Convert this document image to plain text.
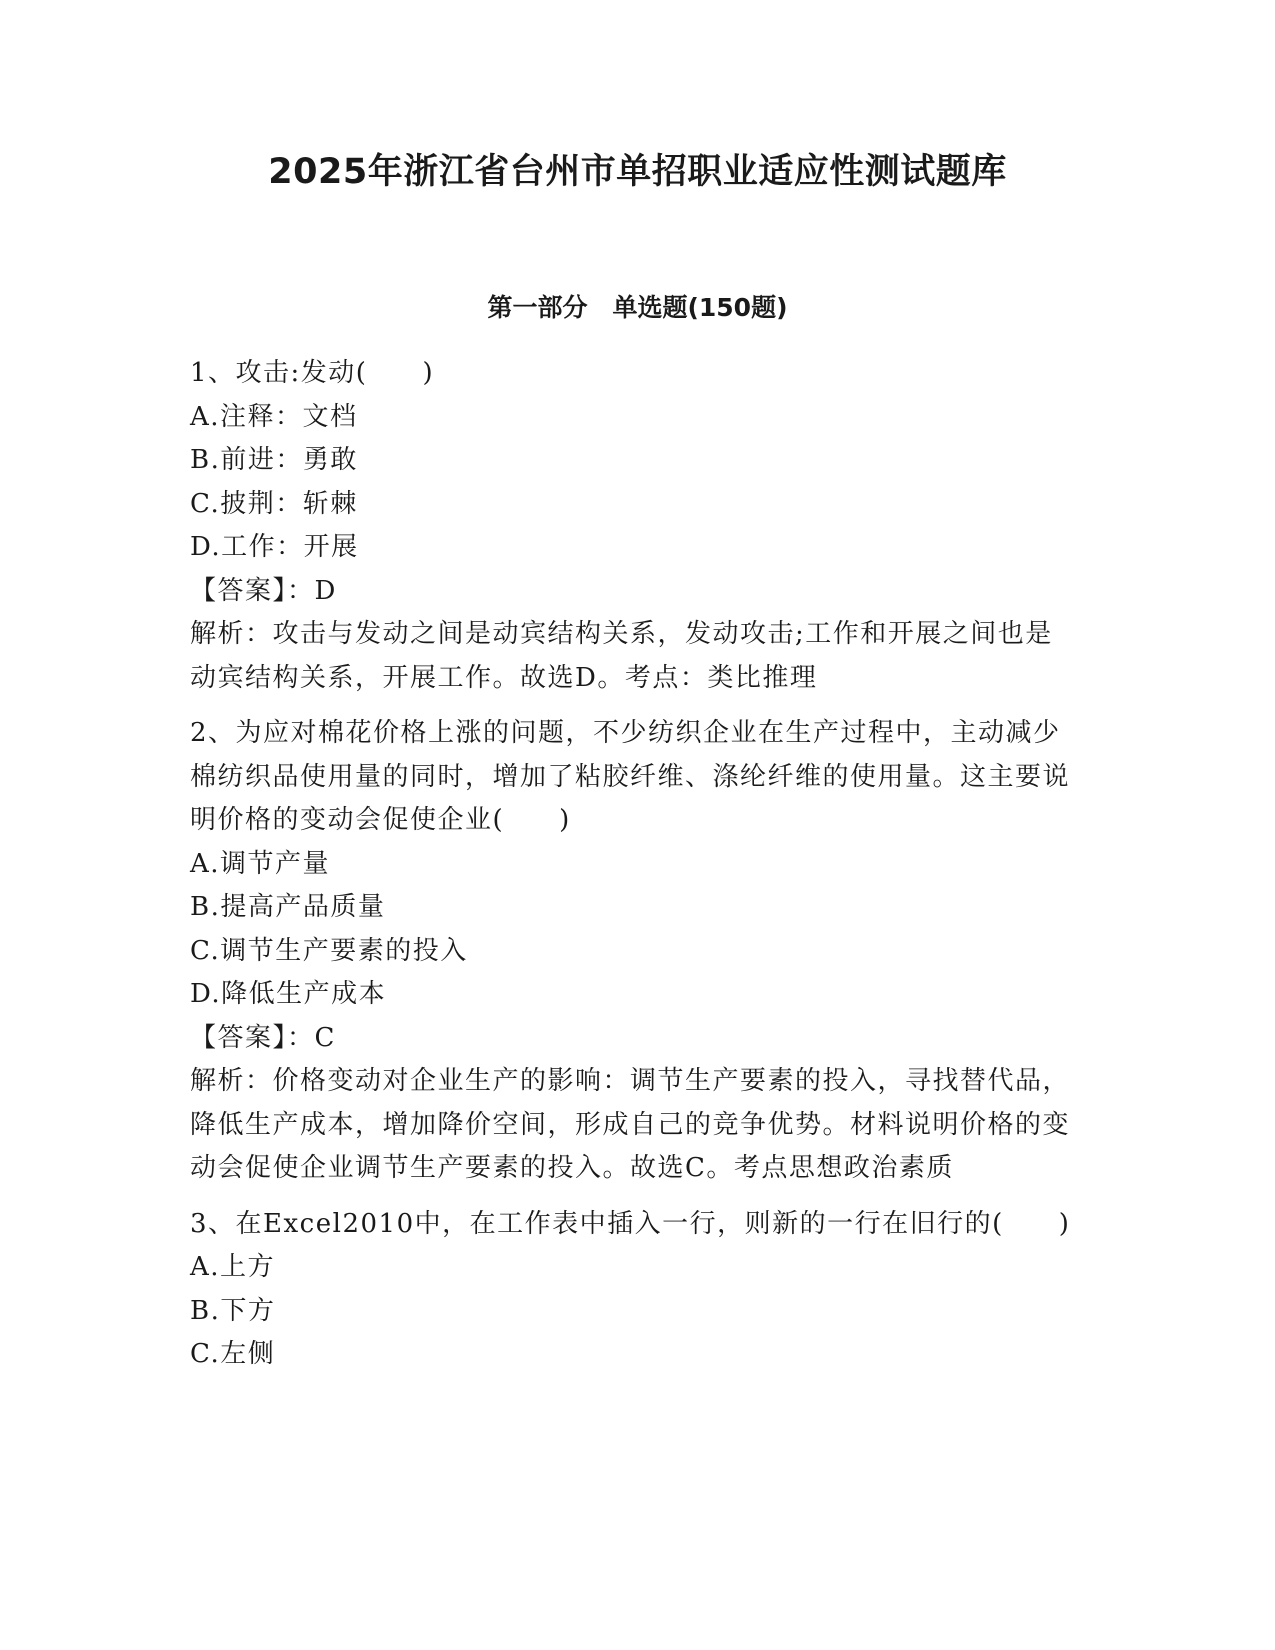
2025年浙江省台州市单招职业适应性测试题库
第一部分　单选题(150题)
1、攻击:发动(　　)
A.注释：文档
B.前进：勇敢
C.披荆：斩棘
D.工作：开展
【答案】：D
解析：攻击与发动之间是动宾结构关系，发动攻击;工作和开展之间也是动宾结构关系，开展工作。故选D。考点：类比推理
2、为应对棉花价格上涨的问题，不少纺织企业在生产过程中，主动减少棉纺织品使用量的同时，增加了粘胶纤维、涤纶纤维的使用量。这主要说明价格的变动会促使企业(　　)
A.调节产量
B.提高产品质量
C.调节生产要素的投入
D.降低生产成本
【答案】：C
解析：价格变动对企业生产的影响：调节生产要素的投入，寻找替代品，降低生产成本，增加降价空间，形成自己的竞争优势。材料说明价格的变动会促使企业调节生产要素的投入。故选C。考点思想政治素质
3、在Excel2010中，在工作表中插入一行，则新的一行在旧行的(　　)
A.上方
B.下方
C.左侧
